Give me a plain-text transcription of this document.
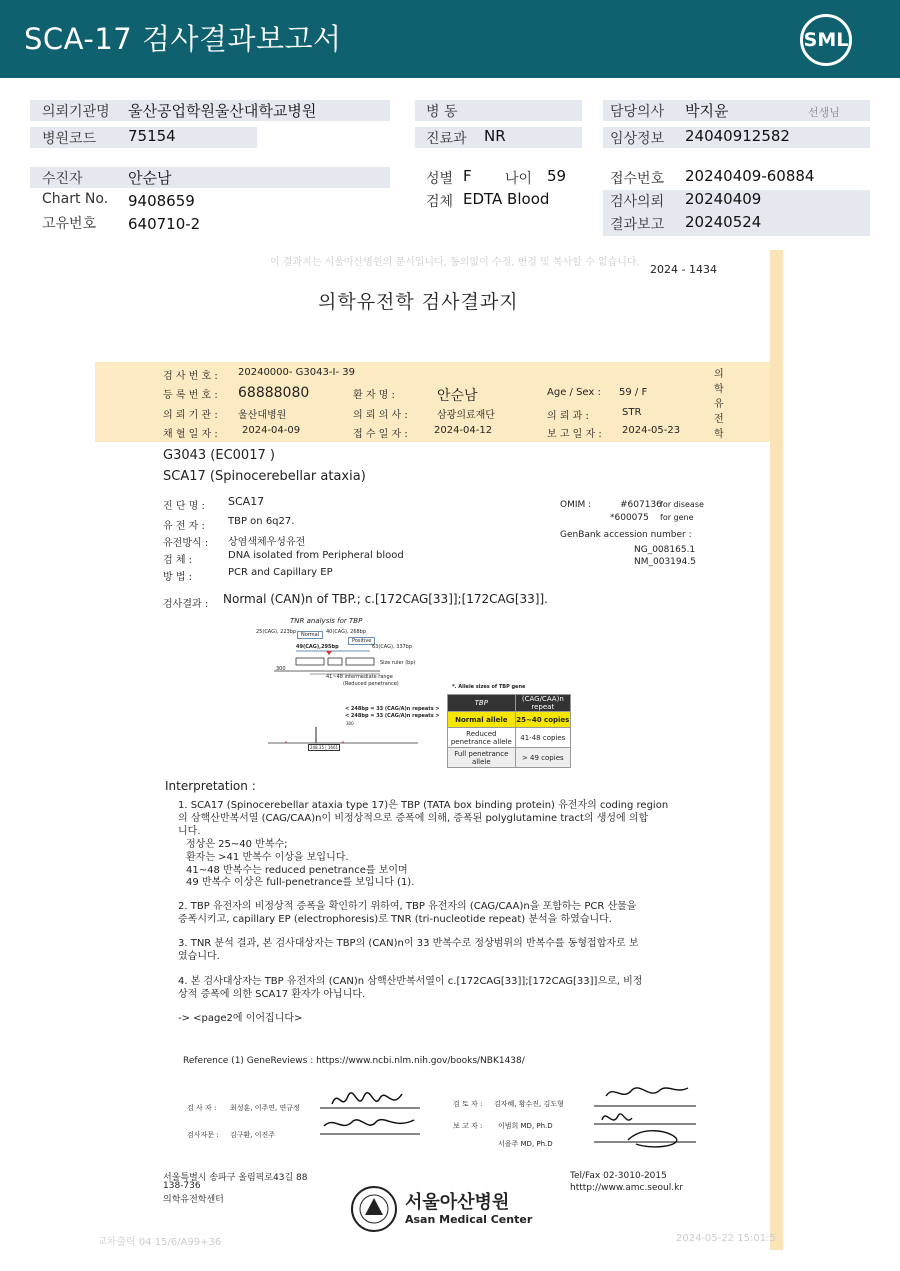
SCA-17 검사결과보고서	SML
의뢰기관명 울산공업학원울산대학교병원
병원코드 75154
병 동
진료과 NR
담당의사 박지윤	선생님
임상정보 24040912582
수진자	안순남
Chart No. 9408659
고유번호 640710-2
성별 F 나이 59
검체 EDTA Blood
접수번호 20240409-60884
검사의뢰 20240409
결과보고 20240524
이 결과지는 서울아산병원의 문서입니다. 동의없이 수정, 변경 및 복사할 수 없습니다.
2024 - 1434
의학유전학 검사결과지
의학유전학
검 사 번 호 : 20240000- G3043-I- 39
등 록 번 호 : 68888080	환 자 명 :	안순남	Age / Sex : 59 / F
의 뢰 기 관 : 울산대병원	의 뢰 의 사 :	삼광의료재단	의 뢰 과 :	STR
채 혈 일 자 : 2024-04-09	접 수 일 자 :	2024-04-12	보 고 일 자 : 2024-05-23
G3043 (EC0017 )
SCA17 (Spinocerebellar ataxia)
진 단 명 : SCA17
유 전 자 : TBP on 6q27.
유전방식 : 상염색체우성유전
검 체 :	DNA isolated from Peripheral blood
방 법 :	PCR and Capillary EP
OMIM :	#607136
for disease
*600075 for gene
GenBank accession number :
NG_008165.1
NM_003194.5
검사결과 : Normal (CAN)n of TBP.; c.[172CAG[33]];[172CAG[33]].
TNR analysis for TBP
25(CAG), 223bp	40(CAG), 268bp
Normal
Positive
49(CAG),295bp	63(CAG), 337bp
Size ruler (bp)
300
41~48 intermediate range
(Reduced penetrance)
< 248bp = 33 (CAG/A)n repeats >
< 248bp = 33 (CAG/A)n repeats >
300
248.35 | 1661
*. Allele sizes of TBP gene
TBP	(CAG/CAA)n repeat
Normal allele	25~40 copies
Reduced penetrance allele	41-48 copies
Full penetrance allele	> 49 copies
Interpretation :
1. SCA17 (Spinocerebellar ataxia type 17)은 TBP (TATA box binding protein) 유전자의 coding region
의 삼핵산반복서열 (CAG/CAA)n이 비정상적으로 증폭에 의해, 증폭된 polyglutamine tract의 생성에 의합
니다.
정상은 25~40 반복수;
환자는 >41 반복수 이상을 보입니다.
41~48 반복수는 reduced penetrance를 보이며
49 반복수 이상은 full-penetrance를 보입니다 (1).
2. TBP 유전자의 비정상적 증폭을 확인하기 위하여, TBP 유전자의 (CAG/CAA)n을 포함하는 PCR 산물을
증폭시키고, capillary EP (electrophoresis)로 TNR (tri-nucleotide repeat) 분석을 하였습니다.
3. TNR 분석 결과, 본 검사대상자는 TBP의 (CAN)n이 33 반복수로 정상범위의 반복수를 동형접합자로 보
였습니다.
4. 본 검사대상자는 TBP 유전자의 (CAN)n 삼핵산반복서열이 c.[172CAG[33]];[172CAG[33]]으로, 비정
상적 증폭에 의한 SCA17 환자가 아닙니다.
-> <page2에 이어집니다>
Reference (1) GeneReviews : https://www.ncbi.nlm.nih.gov/books/NBK1438/
검 사 자 : 최성훈, 이주연, 연규정
검사자문 : 김구환, 이진주
검 토 자 : 김자혜, 황수진, 김도형
보 고 자 : 이범희 MD, Ph.D
서을주 MD, Ph.D
서울특별시 송파구 올림픽로43길 88
138-736
의학유전학센터
Tel/Fax 02-3010-2015
htttp://www.amc.seoul.kr
서울아산병원
Asan Medical Center
교차출력 04 15/6/A99+36	2024-05-22 15:01:5
